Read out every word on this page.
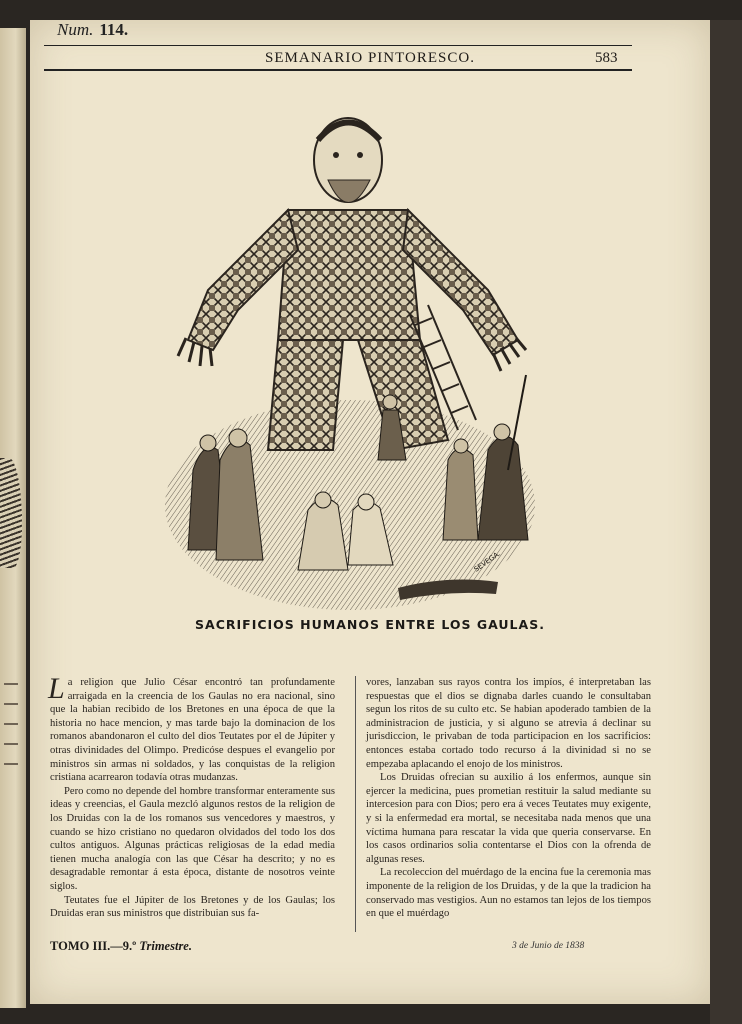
Num. 114.
SEMANARIO PINTORESCO.	583
SEVEGA.
SACRIFICIOS HUMANOS ENTRE LOS GAULAS.

La religion que Julio César encontró tan profundamente arraigada en la creencia de los Gaulas no era nacional, sino que la habian recibido de los Bretones en una época de que la historia no hace mencion, y mas tarde bajo la dominacion de los romanos abandonaron el culto del dios Teutates por el de Júpiter y otras divinidades del Olimpo. Predicóse despues el evangelio por ministros sin armas ni soldados, y las conquistas de la religion cristiana acarrearon todavía otras mudanzas.

Pero como no depende del hombre transformar enteramente sus ideas y creencias, el Gaula mezcló algunos restos de la religion de los Druidas con la de los romanos sus vencedores y maestros, y cuando se hizo cristiano no quedaron olvidados del todo los dos cultos antiguos. Algunas prácticas religiosas de la edad media tienen mucha analogía con las que César ha descrito; y no es desagradable remontar á esta época, distante de nosotros veinte siglos.

Teutates fue el Júpiter de los Bretones y de los Gaulas; los Druidas eran sus ministros que distribuian sus fa-

vores, lanzaban sus rayos contra los impíos, é interpretaban las respuestas que el dios se dignaba darles cuando le consultaban segun los ritos de su culto etc. Se habian apoderado tambien de la administracion de justicia, y si alguno se atrevia á declinar su jurisdiccion, le privaban de toda participacion en los sacrificios: entonces estaba cortado todo recurso á la divinidad si no se empezaba aplacando el enojo de los ministros.

Los Druidas ofrecian su auxilio á los enfermos, aunque sin ejercer la medicina, pues prometian restituir la salud mediante su intercesion para con Dios; pero era á veces Teutates muy exigente, y si la enfermedad era mortal, se necesitaba nada menos que una víctima humana para rescatar la vida que queria conservarse. En los casos ordinarios solia contentarse el Dios con la ofrenda de algunas reses.

La recoleccion del muérdago de la encina fue la ceremonia mas imponente de la religion de los Druidas, y de la que la tradicion ha conservado mas vestigios. Aun no estamos tan lejos de los tiempos en que el muérdago

TOMO III.—9.º Trimestre.	3 de Junio de 1838
